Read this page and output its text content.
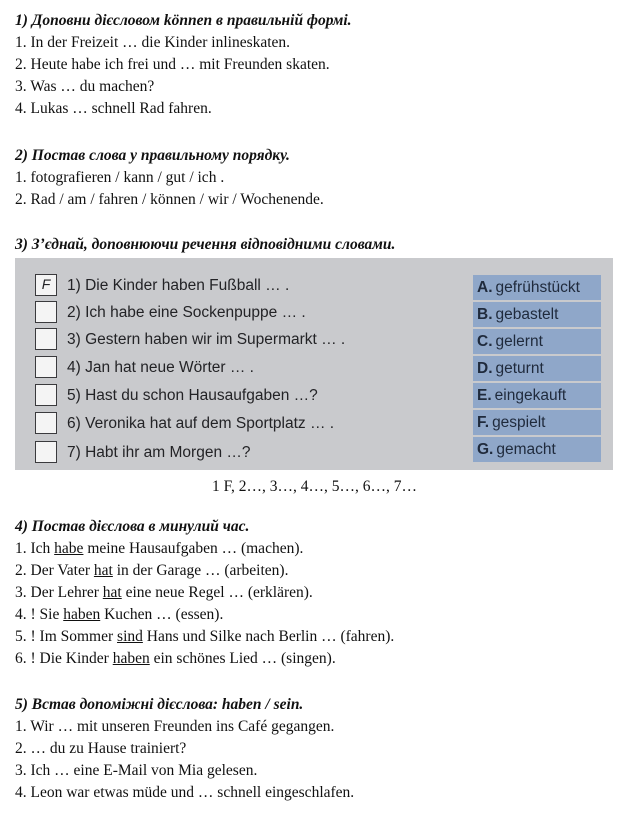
1) Доповни дієсловом können в правильній формі.
1. In der Freizeit … die Kinder inlineskaten.
2. Heute habe ich frei und … mit Freunden skaten.
3. Was … du machen?
4. Lukas … schnell Rad fahren.
2) Постав слова у правильному порядку.
1. fotografieren / kann / gut / ich .
2. Rad / am / fahren / können / wir / Wochenende.
3) З’єднай, доповнюючи речення відповідними словами.
F	1) Die Kinder haben Fußball … .
2) Ich habe eine Sockenpuppe … .
3) Gestern haben wir im Supermarkt … .
4) Jan hat neue Wörter … .
5) Hast du schon Hausaufgaben …?
6) Veronika hat auf dem Sportplatz … .
7) Habt ihr am Morgen …?
A. gefrühstückt
B. gebastelt
C. gelernt
D. geturnt
E. eingekauft
F. gespielt
G. gemacht
1 F, 2…, 3…, 4…, 5…, 6…, 7…
4) Постав дієслова в минулий час.
1. Ich habe meine Hausaufgaben … (machen).
2. Der Vater hat in der Garage … (arbeiten).
3. Der Lehrer hat eine neue Regel … (erklären).
4. ! Sie haben Kuchen … (essen).
5. ! Im Sommer sind Hans und Silke nach Berlin … (fahren).
6. ! Die Kinder haben ein schönes Lied … (singen).
5) Встав допоміжні дієслова: haben / sein.
1. Wir … mit unseren Freunden ins Café gegangen.
2. … du zu Hause trainiert?
3. Ich … eine E-Mail von Mia gelesen.
4. Leon war etwas müde und … schnell eingeschlafen.
